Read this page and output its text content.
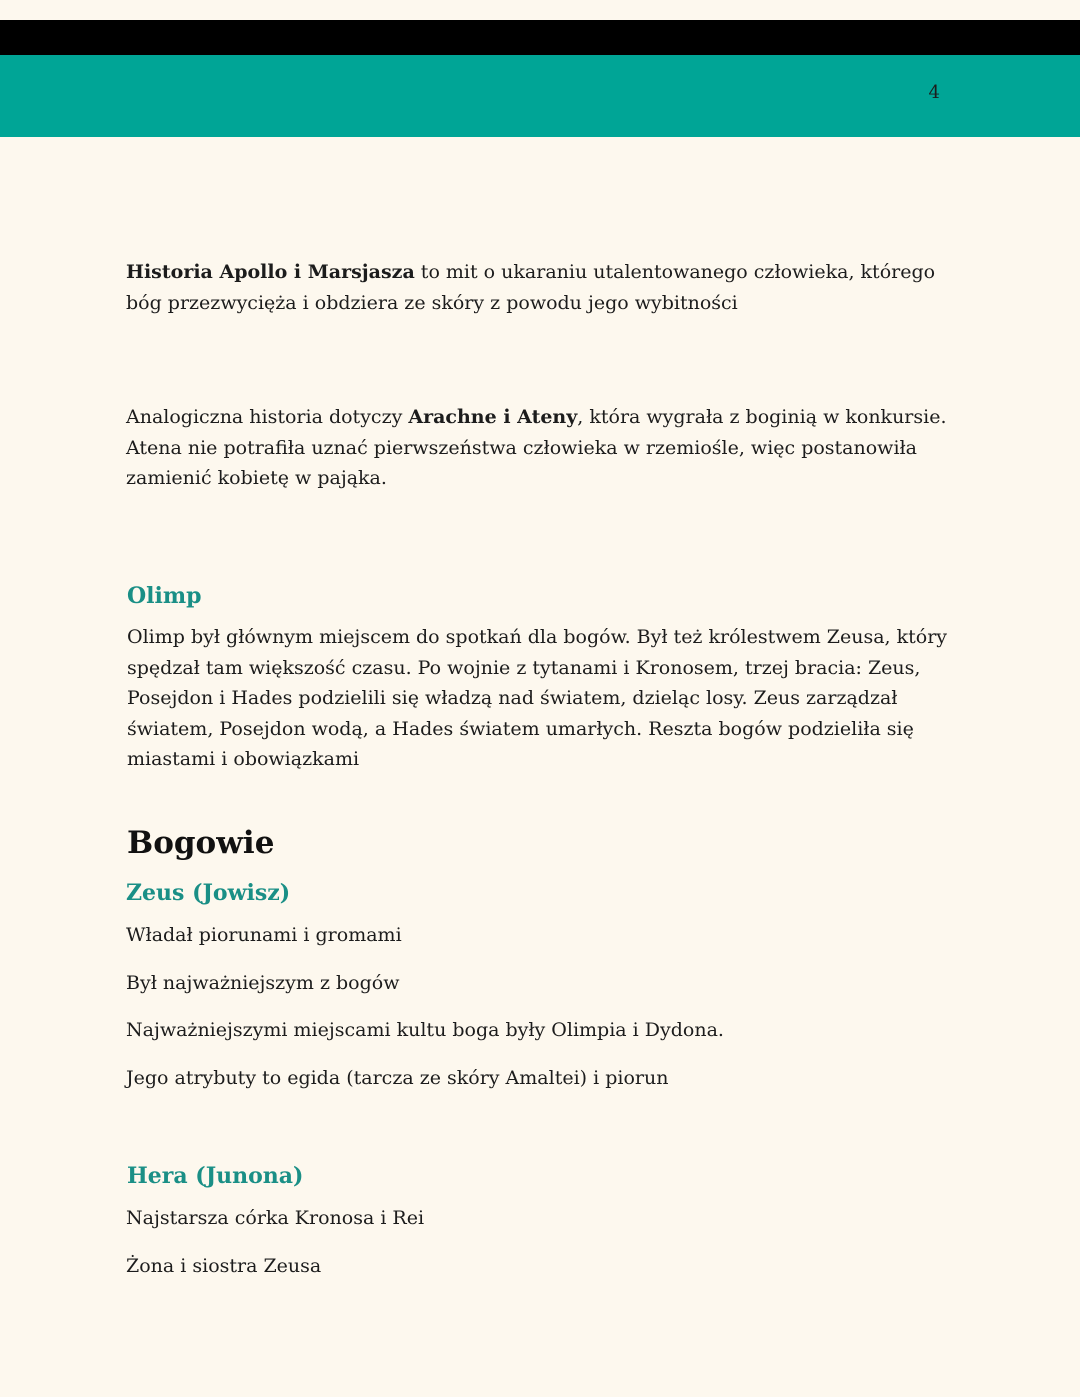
4

Historia Apollo i Marsjasza to mit o ukaraniu utalentowanego człowieka, którego bóg przezwycięża i obdziera ze skóry z powodu jego wybitności

Analogiczna historia dotyczy Arachne i Ateny, która wygrała z boginią w konkursie. Atena nie potrafiła uznać pierwszeństwa człowieka w rzemiośle, więc postanowiła zamienić kobietę w pająka.

Olimp

Olimp był głównym miejscem do spotkań dla bogów. Był też królestwem Zeusa, który spędzał tam większość czasu. Po wojnie z tytanami i Kronosem, trzej bracia: Zeus, Posejdon i Hades podzielili się władzą nad światem, dzieląc losy. Zeus zarządzał światem, Posejdon wodą, a Hades światem umarłych. Reszta bogów podzieliła się miastami i obowiązkami

Bogowie
Zeus (Jowisz)
Władał piorunami i gromami
Był najważniejszym z bogów
Najważniejszymi miejscami kultu boga były Olimpia i Dydona.
Jego atrybuty to egida (tarcza ze skóry Amaltei) i piorun
Hera (Junona)
Najstarsza córka Kronosa i Rei
Żona i siostra Zeusa
